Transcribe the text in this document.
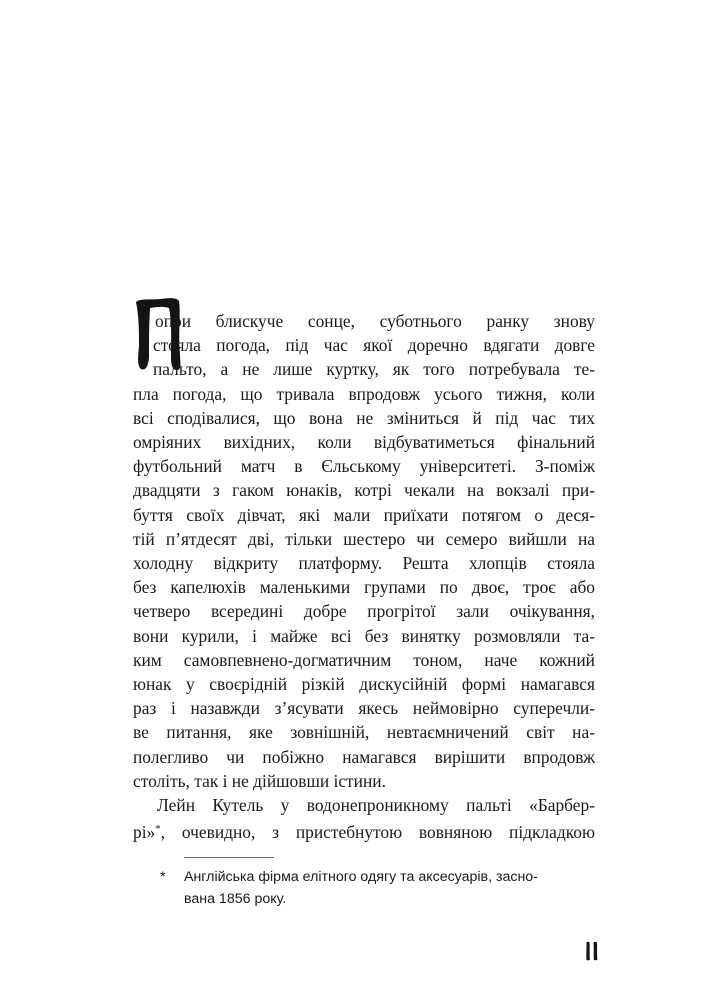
опри блискуче сонце, суботнього ранку знову
стояла погода, під час якої доречно вдягати довге
пальто, а не лише куртку, як того потребувала те-
пла погода, що тривала впродовж усього тижня, коли
всі сподівалися, що вона не зміниться й під час тих
омріяних вихідних, коли відбуватиметься фінальний
футбольний матч в Єльському університеті. З-поміж
двадцяти з гаком юнаків, котрі чекали на вокзалі при-
буття своїх дівчат, які мали приїхати потягом о деся-
тій п’ятдесят дві, тільки шестеро чи семеро вийшли на
холодну відкриту платформу. Решта хлопців стояла
без капелюхів маленькими групами по двоє, троє або
четверо всередині добре прогрітої зали очікування,
вони курили, і майже всі без винятку розмовляли та-
ким самовпевнено-догматичним тоном, наче кожний
юнак у своєрідній різкій дискусійній формі намагався
раз і назавжди з’ясувати якесь неймовірно суперечли-
ве питання, яке зовнішній, невтаємничений світ на-
полегливо чи побіжно намагався вирішити впродовж
століть, так і не дійшовши істини.
Лейн Кутель у водонепроникному пальті «Барбер-
рі»*, очевидно, з пристебнутою вовняною підкладкою
* Англійська фірма елітного одягу та аксесуарів, засно-
вана 1856 року.
